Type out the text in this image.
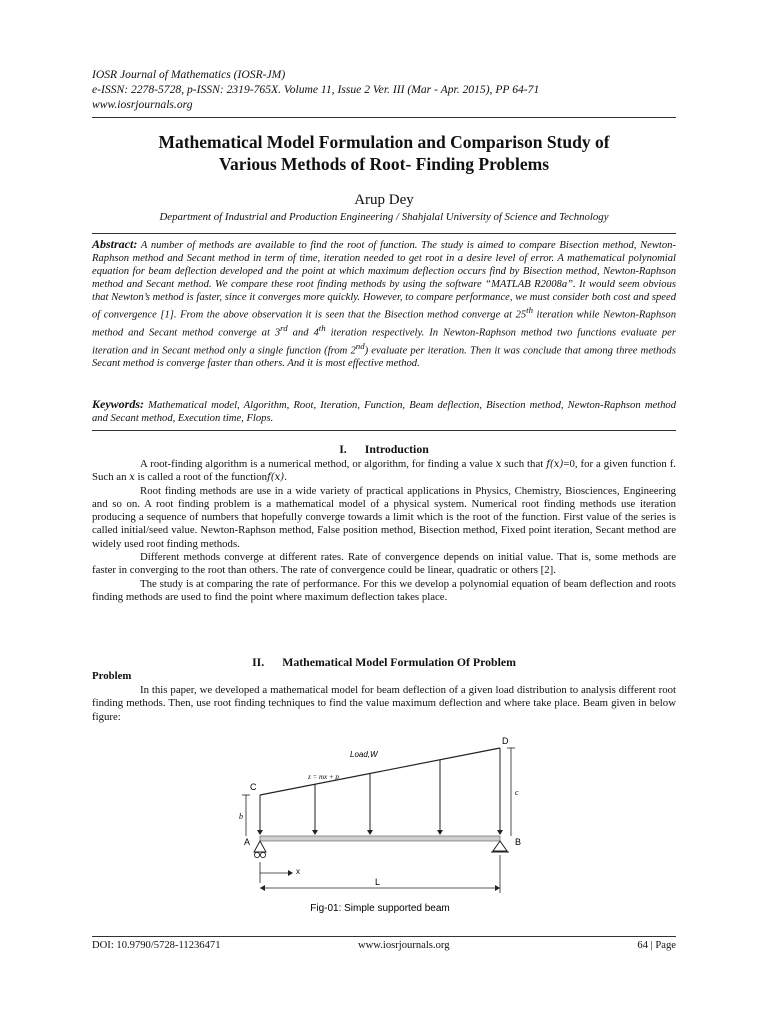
IOSR Journal of Mathematics (IOSR-JM)
e-ISSN: 2278-5728, p-ISSN: 2319-765X. Volume 11, Issue 2 Ver. III (Mar - Apr. 2015), PP 64-71
www.iosrjournals.org
Mathematical Model Formulation and Comparison Study of
Various Methods of Root- Finding Problems
Arup Dey
Department of Industrial and Production Engineering / Shahjalal University of Science and Technology
Abstract: A number of methods are available to find the root of function. The study is aimed to compare Bisection method, Newton-Raphson method and Secant method in term of time, iteration needed to get root in a desire level of error. A mathematical polynomial equation for beam deflection developed and the point at which maximum deflection occurs find by Bisection method, Newton-Raphson method and Secant method. We compare these root finding methods by using the software “MATLAB R2008a”. It would seem obvious that Newton’s method is faster, since it converges more quickly. However, to compare performance, we must consider both cost and speed of convergence [1]. From the above observation it is seen that the Bisection method converge at 25th iteration while Newton-Raphson method and Secant method converge at 3rd and 4th iteration respectively. In Newton-Raphson method two functions evaluate per iteration and in Secant method only a single function (from 2nd) evaluate per iteration. Then it was conclude that among three methods Secant method is converge faster than others. And it is most effective method.
Keywords: Mathematical model, Algorithm, Root, Iteration, Function, Beam deflection, Bisection method, Newton-Raphson method and Secant method, Execution time, Flops.
I. Introduction

A root-finding algorithm is a numerical method, or algorithm, for finding a value x such that f(x)=0, for a given function f. Such an x is called a root of the functionf(x).

Root finding methods are use in a wide variety of practical applications in Physics, Chemistry, Biosciences, Engineering and so on. A root finding problem is a mathematical model of a physical system. Numerical root finding methods use iteration producing a sequence of numbers that hopefully converge towards a limit which is the root of the function. First value of the series is called initial/seed value. Newton-Raphson method, False position method, Bisection method, Fixed point iteration, Secant method are widely used root finding methods.

Different methods converge at different rates. Rate of convergence depends on initial value. That is, some methods are faster in converging to the root than others. The rate of convergence could be linear, quadratic or others [2].

The study is at comparing the rate of performance. For this we develop a polynomial equation of beam deflection and roots finding methods are used to find the point where maximum deflection takes place.

II. Mathematical Model Formulation Of Problem
Problem

In this paper, we developed a mathematical model for beam deflection of a given load distribution to analysis different root finding methods. Then, use root finding techniques to find the value maximum deflection and where take place. Beam given in below figure:

Load,W
z = mx + p
A	B
C
D
b
c
x
L
Fig-01: Simple supported beam
DOI: 10.9790/5728-11236471	www.iosrjournals.org	64 | Page
